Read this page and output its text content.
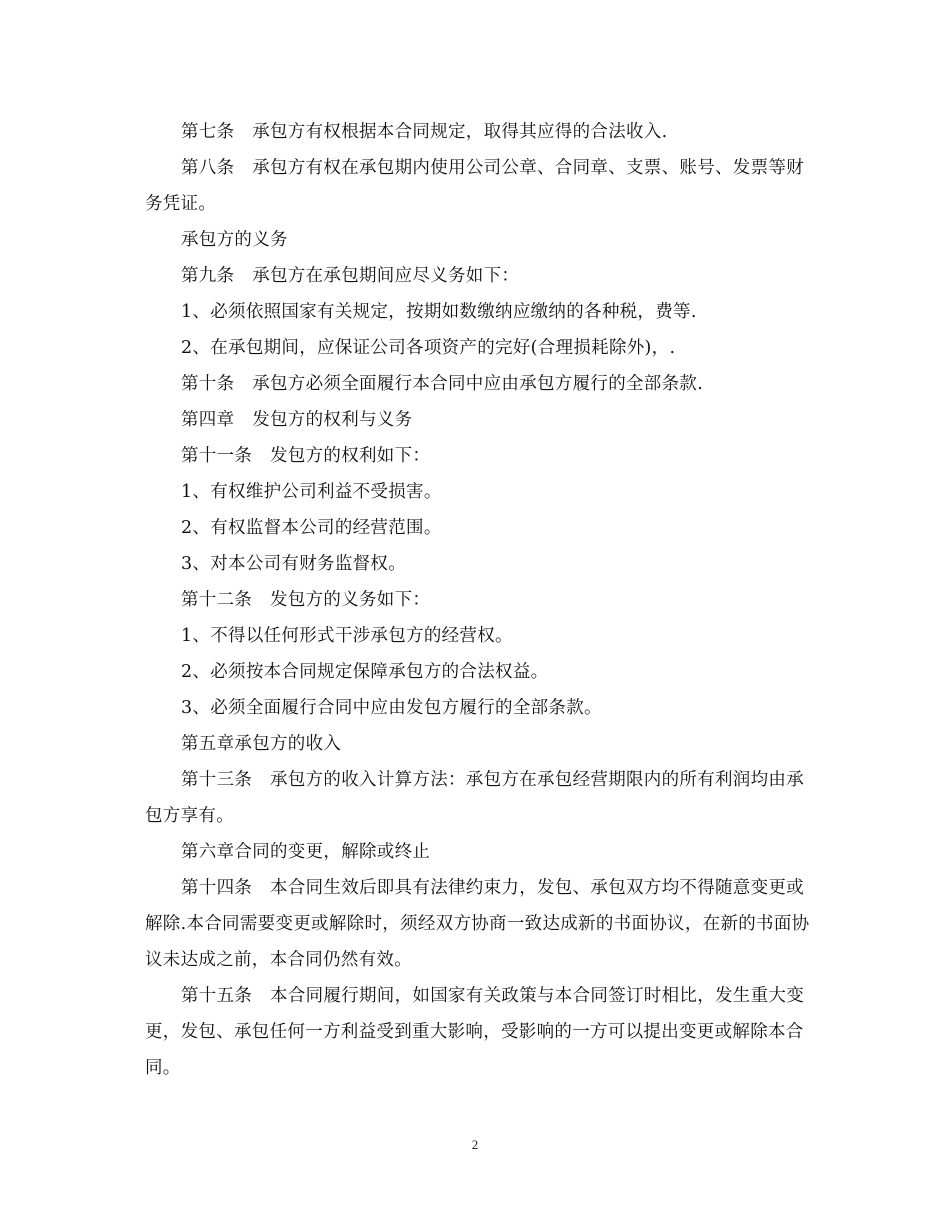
第七条　承包方有权根据本合同规定，取得其应得的合法收入.

第八条　承包方有权在承包期内使用公司公章、合同章、支票、账号、发票等财务凭证。

承包方的义务

第九条　承包方在承包期间应尽义务如下：

1、必须依照国家有关规定，按期如数缴纳应缴纳的各种税，费等.

2、在承包期间，应保证公司各项资产的完好(合理损耗除外)，.

第十条　承包方必须全面履行本合同中应由承包方履行的全部条款.

第四章　发包方的权利与义务

第十一条　发包方的权利如下：

1、有权维护公司利益不受损害。

2、有权监督本公司的经营范围。

3、对本公司有财务监督权。

第十二条　发包方的义务如下：

1、不得以任何形式干涉承包方的经营权。

2、必须按本合同规定保障承包方的合法权益。

3、必须全面履行合同中应由发包方履行的全部条款。

第五章承包方的收入

第十三条　承包方的收入计算方法：承包方在承包经营期限内的所有利润均由承包方享有。

第六章合同的变更，解除或终止

第十四条　本合同生效后即具有法律约束力，发包、承包双方均不得随意变更或解除.本合同需要变更或解除时，须经双方协商一致达成新的书面协议，在新的书面协议未达成之前，本合同仍然有效。

第十五条　本合同履行期间，如国家有关政策与本合同签订时相比，发生重大变更，发包、承包任何一方利益受到重大影响，受影响的一方可以提出变更或解除本合同。

2
